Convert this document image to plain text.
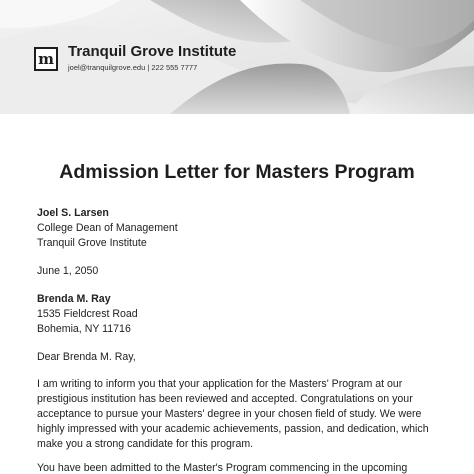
m Tranquil Grove Institute
joel@tranquilgrove.edu | 222 555 7777
Admission Letter for Masters Program
Joel S. Larsen
College Dean of Management
Tranquil Grove Institute
June 1, 2050
Brenda M. Ray
1535 Fieldcrest Road
Bohemia, NY 11716
Dear Brenda M. Ray,
I am writing to inform you that your application for the Masters' Program at our
prestigious institution has been reviewed and accepted. Congratulations on your
acceptance to pursue your Masters' degree in your chosen field of study. We were
highly impressed with your academic achievements, passion, and dedication, which
make you a strong candidate for this program.
You have been admitted to the Master's Program commencing in the upcoming
